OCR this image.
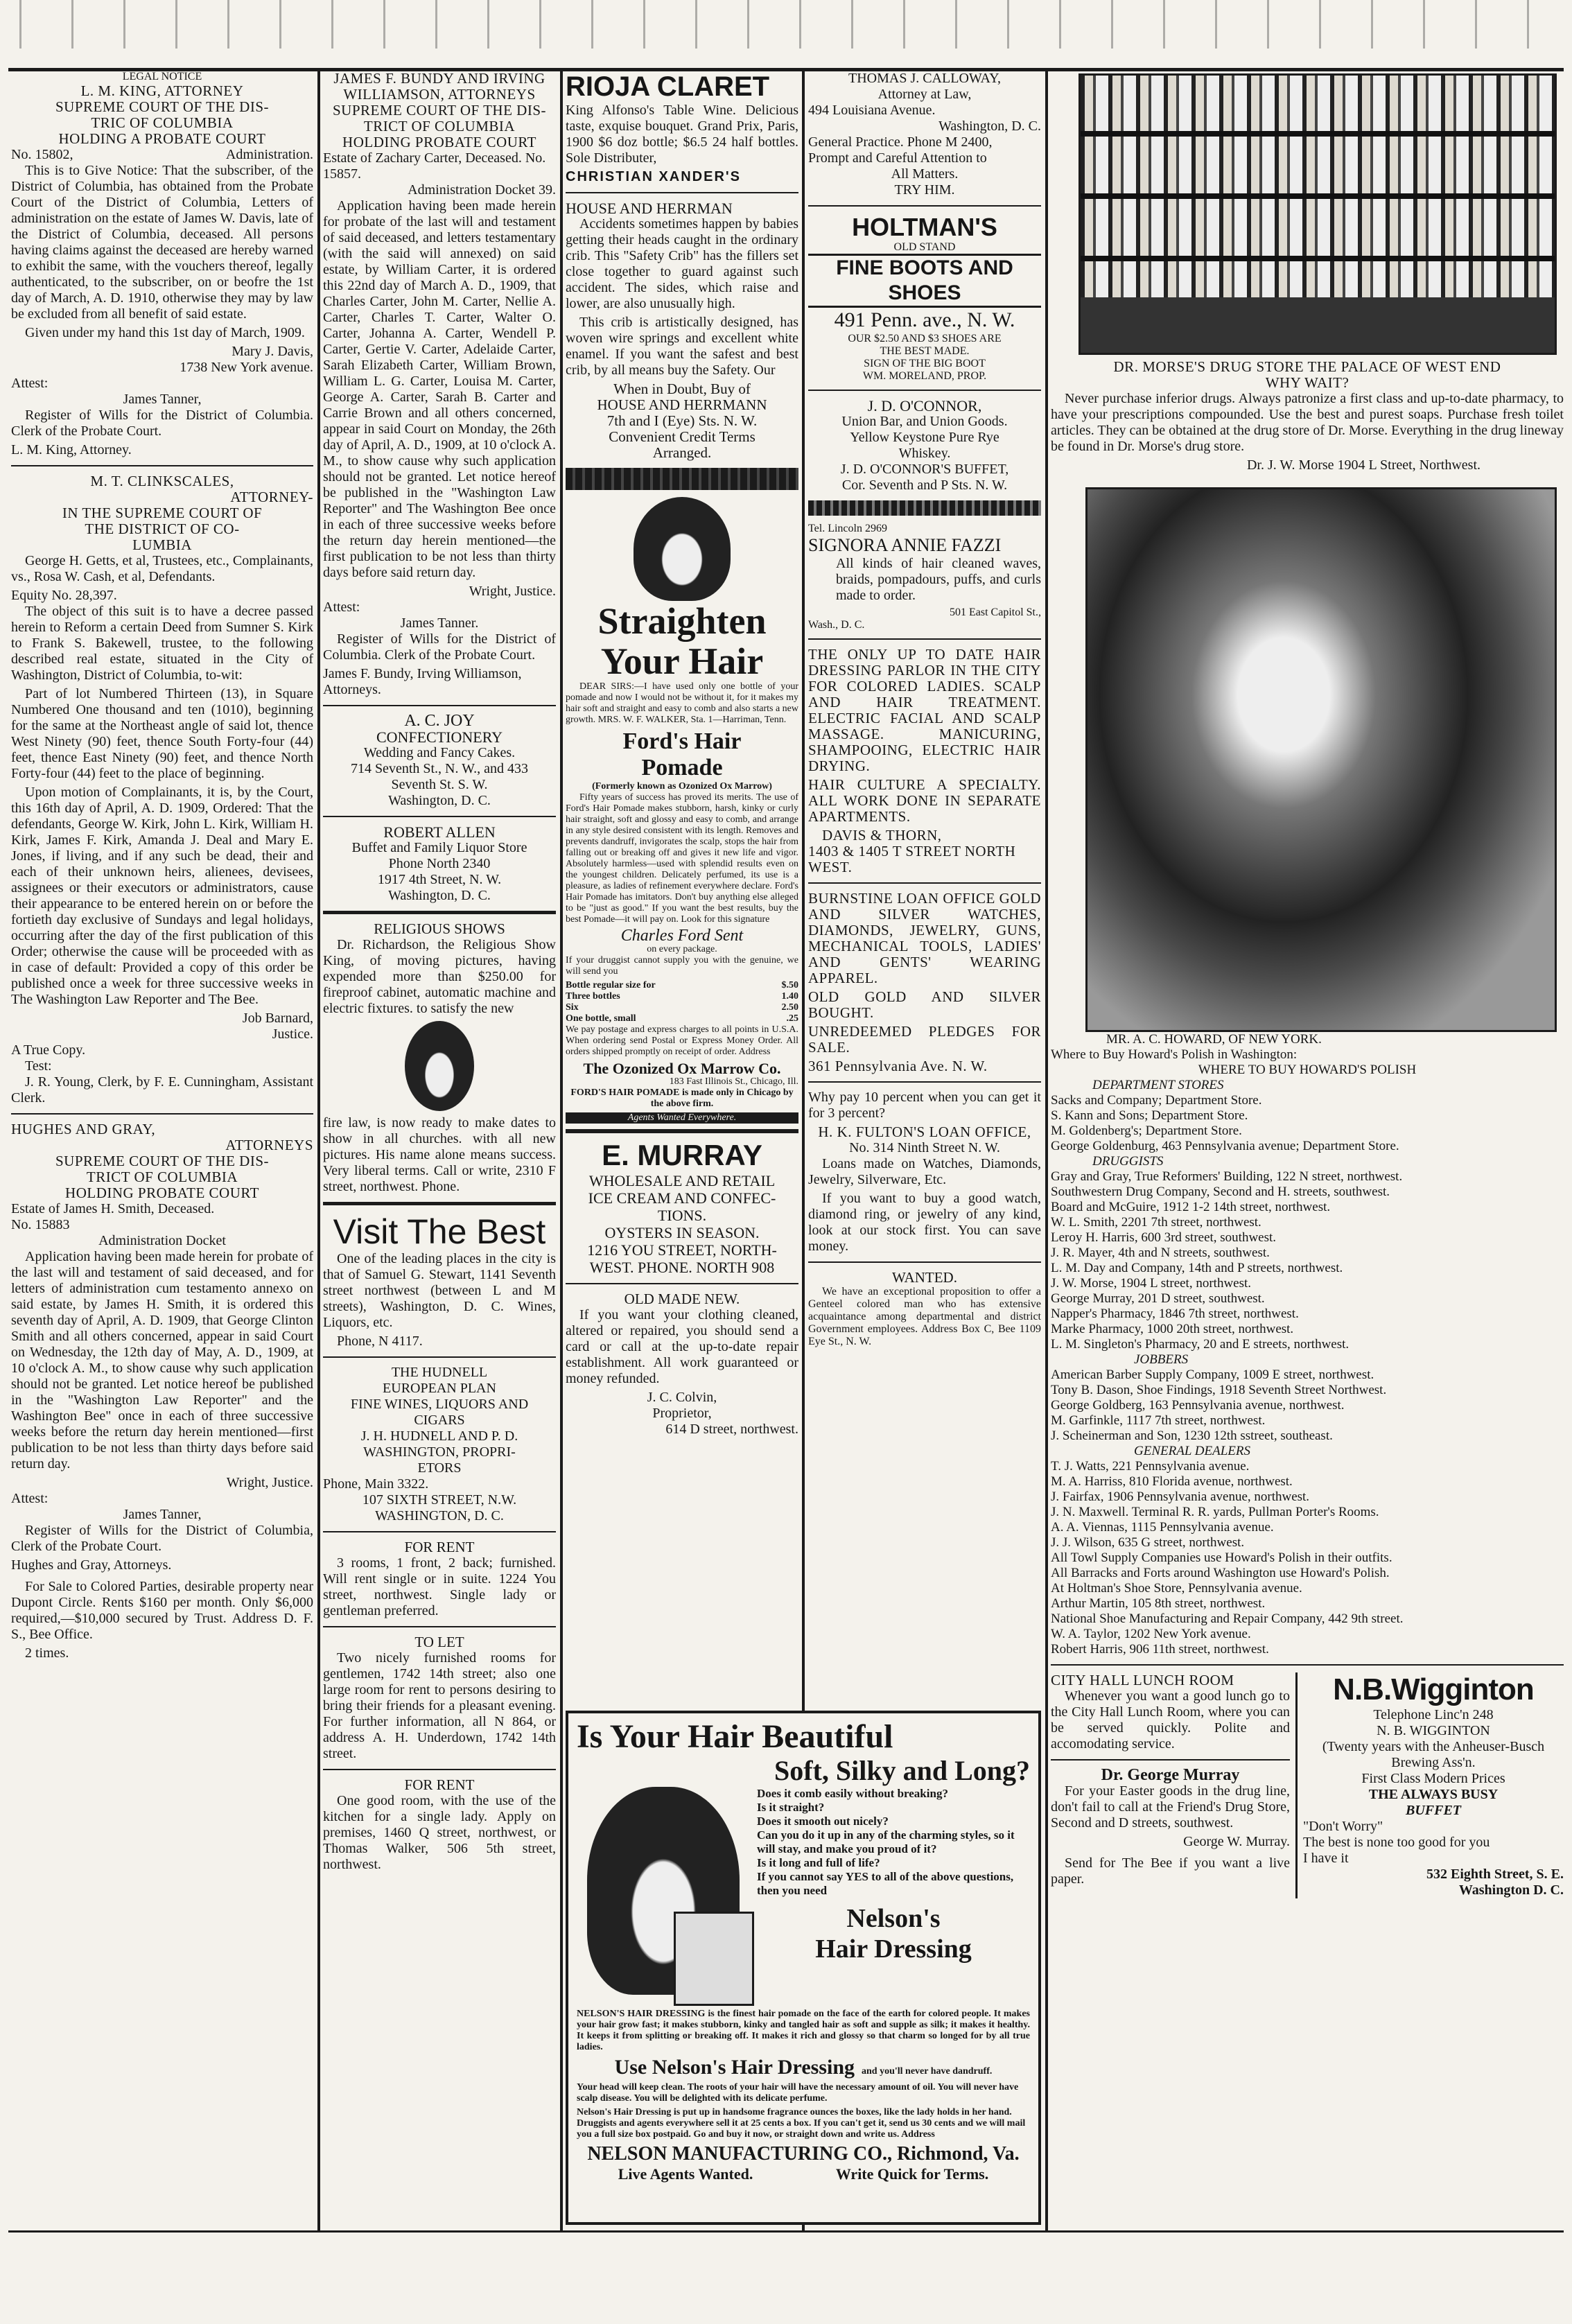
LEGAL NOTICE
L. M. KING, ATTORNEY
SUPREME COURT OF THE DIS-
TRIC OF COLUMBIA
HOLDING A PROBATE COURT
No. 15802,	Administration.

This is to Give Notice: That the subscriber, of the District of Columbia, has obtained from the Probate Court of the District of Columbia, Letters of administration on the estate of James W. Davis, late of the District of Columbia, deceased. All persons having claims against the deceased are hereby warned to exhibit the same, with the vouchers thereof, legally authenticated, to the subscriber, on or beofre the 1st day of March, A. D. 1910, otherwise they may by law be excluded from all benefit of said estate.

Given under my hand this 1st day of March, 1909.

Mary J. Davis,
1738 New York avenue.
Attest:
James Tanner,

Register of Wills for the District of Columbia. Clerk of the Probate Court.

L. M. King, Attorney.
M. T. CLINKSCALES,
ATTORNEY-
IN THE SUPREME COURT OF
THE DISTRICT OF CO-
LUMBIA

George H. Getts, et al, Trustees, etc., Complainants, vs., Rosa W. Cash, et al, Defendants.

Equity No. 28,397.

The object of this suit is to have a decree passed herein to Reform a certain Deed from Sumner S. Kirk to Frank S. Bakewell, trustee, to the following described real estate, situated in the City of Washington, District of Columbia, to-wit:

Part of lot Numbered Thirteen (13), in Square Numbered One thousand and ten (1010), beginning for the same at the Northeast angle of said lot, thence West Ninety (90) feet, thence South Forty-four (44) feet, thence East Ninety (90) feet, and thence North Forty-four (44) feet to the place of beginning.

Upon motion of Complainants, it is, by the Court, this 16th day of April, A. D. 1909, Ordered: That the defendants, George W. Kirk, John L. Kirk, William H. Kirk, James F. Kirk, Amanda J. Deal and Mary E. Jones, if living, and if any such be dead, their and each of their unknown heirs, alienees, devisees, assignees or their executors or administrators, cause their appearance to be entered herein on or before the fortieth day exclusive of Sundays and legal holidays, occurring after the day of the first publication of this Order; otherwise the cause will be proceeded with as in case of default: Provided a copy of this order be published once a week for three successive weeks in The Washington Law Reporter and The Bee.

Job Barnard,
Justice.
A True Copy.
Test:

J. R. Young, Clerk, by F. E. Cunningham, Assistant Clerk.

HUGHES AND GRAY,
ATTORNEYS
SUPREME COURT OF THE DIS-
TRICT OF COLUMBIA
HOLDING PROBATE COURT
Estate of James H. Smith, Deceased.
No. 15883
Administration Docket

Application having been made herein for probate of the last will and testament of said deceased, and for letters of administration cum testamento annexo on said estate, by James H. Smith, it is ordered this seventh day of April, A. D. 1909, that George Clinton Smith and all others concerned, appear in said Court on Wednesday, the 12th day of May, A. D., 1909, at 10 o'clock A. M., to show cause why such application should not be granted. Let notice hereof be published in the "Washington Law Reporter" and the Washington Bee" once in each of three successive weeks before the return day herein mentioned—first publication to be not less than thirty days before said return day.

Wright, Justice.
Attest:
James Tanner,

Register of Wills for the District of Columbia, Clerk of the Probate Court.

Hughes and Gray, Attorneys.

For Sale to Colored Parties, desirable property near Dupont Circle. Rents $160 per month. Only $6,000 required,—$10,000 secured by Trust. Address D. F. S., Bee Office.

2 times.
JAMES F. BUNDY AND IRVING
WILLIAMSON, ATTORNEYS
SUPREME COURT OF THE DIS-
TRICT OF COLUMBIA
HOLDING PROBATE COURT
Estate of Zachary Carter, Deceased. No. 15857.
Administration Docket 39.

Application having been made herein for probate of the last will and testament of said deceased, and letters testamentary (with the said will annexed) on said estate, by William Carter, it is ordered this 22nd day of March A. D., 1909, that Charles Carter, John M. Carter, Nellie A. Carter, Charles T. Carter, Walter O. Carter, Johanna A. Carter, Wendell P. Carter, Gertie V. Carter, Adelaide Carter, Sarah Elizabeth Carter, William Brown, William L. G. Carter, Louisa M. Carter, George A. Carter, Sarah B. Carter and Carrie Brown and all others concerned, appear in said Court on Monday, the 26th day of April, A. D., 1909, at 10 o'clock A. M., to show cause why such application should not be granted. Let notice hereof be published in the "Washington Law Reporter" and The Washington Bee once in each of three successive weeks before the return day herein mentioned—the first publication to be not less than thirty days before said return day.

Wright, Justice.
Attest:
James Tanner.

Register of Wills for the District of Columbia. Clerk of the Probate Court.

James F. Bundy, Irving Williamson, Attorneys.
A. C. JOY
CONFECTIONERY
Wedding and Fancy Cakes.
714 Seventh St., N. W., and 433
Seventh St. S. W.
Washington, D. C.
ROBERT ALLEN
Buffet and Family Liquor Store
Phone North 2340
1917 4th Street, N. W.
Washington, D. C.
RELIGIOUS SHOWS

Dr. Richardson, the Religious Show King, of moving pictures, having expended more than $250.00 for fireproof cabinet, automatic machine and electric fixtures. to satisfy the new

fire law, is now ready to make dates to show in all churches. with all new pictures. His name alone means success. Very liberal terms. Call or write, 2310 F street, northwest. Phone.

Visit The Best

One of the leading places in the city is that of Samuel G. Stewart, 1141 Seventh street northwest (between L and M streets), Washington, D. C. Wines, Liquors, etc.

Phone, N 4117.
THE HUDNELL
EUROPEAN PLAN
FINE WINES, LIQUORS AND
CIGARS
J. H. HUDNELL AND P. D.
WASHINGTON, PROPRI-
ETORS
Phone, Main 3322.
107 SIXTH STREET, N.W.
WASHINGTON, D. C.
FOR RENT

3 rooms, 1 front, 2 back; furnished. Will rent single or in suite. 1224 You street, northwest. Single lady or gentleman preferred.

TO LET

Two nicely furnished rooms for gentlemen, 1742 14th street; also one large room for rent to persons desiring to bring their friends for a pleasant evening. For further information, all N 864, or address A. H. Underdown, 1742 14th street.

FOR RENT

One good room, with the use of the kitchen for a single lady. Apply on premises, 1460 Q street, northwest, or Thomas Walker, 506 5th street, northwest.

RIOJA CLARET

King Alfonso's Table Wine. Delicious taste, exquise bouquet. Grand Prix, Paris, 1900 $6 doz bottle; $6.5 24 half bottles. Sole Distributer,

CHRISTIAN XANDER'S
HOUSE AND HERRMAN

Accidents sometimes happen by babies getting their heads caught in the ordinary crib. This "Safety Crib" has the fillers set close together to guard against such accident. The sides, which raise and lower, are also unusually high.

This crib is artistically designed, has woven wire springs and excellent white enamel. If you want the safest and best crib, by all means buy the Safety. Our

When in Doubt, Buy of
HOUSE AND HERRMANN
7th and I (Eye) Sts. N. W.
Convenient Credit Terms
Arranged.
Straighten
Your Hair

DEAR SIRS:—I have used only one bottle of your pomade and now I would not be without it, for it makes my hair soft and straight and easy to comb and also starts a new growth. MRS. W. F. WALKER, Sta. 1—Harriman, Tenn.

Ford's Hair
Pomade
(Formerly known as Ozonized Ox Marrow)

Fifty years of success has proved its merits. The use of Ford's Hair Pomade makes stubborn, harsh, kinky or curly hair straight, soft and glossy and easy to comb, and arrange in any style desired consistent with its length. Removes and prevents dandruff, invigorates the scalp, stops the hair from falling out or breaking off and gives it new life and vigor. Absolutely harmless—used with splendid results even on the youngest children. Delicately perfumed, its use is a pleasure, as ladies of refinement everywhere declare. Ford's Hair Pomade has imitators. Don't buy anything else alleged to be "just as good." If you want the best results, buy the best Pomade—it will pay on. Look for this signature

Charles Ford Sent
on every package.

If your druggist cannot supply you with the genuine, we will send you

Bottle regular size for	$.50
Three bottles	1.40
Six	2.50
One bottle, small	.25

We pay postage and express charges to all points in U.S.A. When ordering send Postal or Express Money Order. All orders shipped promptly on receipt of order. Address

The Ozonized Ox Marrow Co.
183 Fast Illinois St., Chicago, Ill.
FORD'S HAIR POMADE is made only in Chicago by the above firm.
Agents Wanted Everywhere.
E. MURRAY
WHOLESALE AND RETAIL
ICE CREAM AND CONFEC-
TIONS.
OYSTERS IN SEASON.
1216 YOU STREET, NORTH-
WEST. PHONE. NORTH 908
OLD MADE NEW.

If you want your clothing cleaned, altered or repaired, you should send a card or call at the up-to-date repair establishment. All work guaranteed or money refunded.

J. C. Colvin,
Proprietor,
614 D street, northwest.
Is Your Hair Beautiful
Soft, Silky and Long?
Does it comb easily without breaking?
Is it straight?
Does it smooth out nicely?
Can you do it up in any of the charming styles, so it will stay, and make you proud of it?
Is it long and full of life?
If you cannot say YES to all of the above questions, then you need
Nelson's
Hair Dressing

NELSON'S HAIR DRESSING is the finest hair pomade on the face of the earth for colored people. It makes your hair grow fast; it makes stubborn, kinky and tangled hair as soft and supple as silk; it makes it healthy. It keeps it from splitting or breaking off. It makes it rich and glossy so that charm so longed for by all true ladies.

Use Nelson's Hair Dressing and you'll never have dandruff.

Your head will keep clean. The roots of your hair will have the necessary amount of oil. You will never have scalp disease. You will be delighted with its delicate perfume.

Nelson's Hair Dressing is put up in handsome fragrance ounces the boxes, like the lady holds in her hand. Druggists and agents everywhere sell it at 25 cents a box. If you can't get it, send us 30 cents and we will mail you a full size box postpaid. Go and buy it now, or straight down and write us. Address

NELSON MANUFACTURING CO., Richmond, Va.
Live Agents Wanted.	Write Quick for Terms.
THOMAS J. CALLOWAY,
Attorney at Law,
494 Louisiana Avenue.
Washington, D. C.
General Practice. Phone M 2400,
Prompt and Careful Attention to
All Matters.
TRY HIM.
HOLTMAN'S
OLD STAND
FINE BOOTS AND SHOES
491 Penn. ave., N. W.
OUR $2.50 AND $3 SHOES ARE
THE BEST MADE.
SIGN OF THE BIG BOOT
WM. MORELAND, PROP.
J. D. O'CONNOR,
Union Bar, and Union Goods.
Yellow Keystone Pure Rye
Whiskey.
J. D. O'CONNOR'S BUFFET,
Cor. Seventh and P Sts. N. W.
Tel. Lincoln 2969
SIGNORA ANNIE FAZZI

All kinds of hair cleaned waves, braids, pompadours, puffs, and curls made to order.

501 East Capitol St.,
Wash., D. C.

THE ONLY UP TO DATE HAIR DRESSING PARLOR IN THE CITY FOR COLORED LADIES. SCALP AND HAIR TREATMENT. ELECTRIC FACIAL AND SCALP MASSAGE. MANICURING, SHAMPOOING, ELECTRIC HAIR DRYING.

HAIR CULTURE A SPECIALTY. ALL WORK DONE IN SEPARATE APARTMENTS.

DAVIS & THORN,
1403 & 1405 T STREET NORTH WEST.

BURNSTINE LOAN OFFICE GOLD AND SILVER WATCHES, DIAMONDS, JEWELRY, GUNS, MECHANICAL TOOLS, LADIES' AND GENTS' WEARING APPAREL.

OLD GOLD AND SILVER BOUGHT.

UNREDEEMED PLEDGES FOR SALE.

361 Pennsylvania Ave. N. W.

Why pay 10 percent when you can get it for 3 percent?

H. K. FULTON'S LOAN OFFICE,
No. 314 Ninth Street N. W.

Loans made on Watches, Diamonds, Jewelry, Silverware, Etc.

If you want to buy a good watch, diamond ring, or jewelry of any kind, look at our stock first. You can save money.

WANTED.

We have an exceptional proposition to offer a Genteel colored man who has extensive acquaintance among departmental and district Government employees. Address Box C, Bee 1109 Eye St., N. W.

DR. MORSE'S DRUG STORE THE PALACE OF WEST END
WHY WAIT?

Never purchase inferior drugs. Always patronize a first class and up-to-date pharmacy, to have your prescriptions compounded. Use the best and purest soaps. Purchase fresh toilet articles. They can be obtained at the drug store of Dr. Morse. Everything in the drug lineway be found in Dr. Morse's drug store.

Dr. J. W. Morse 1904 L Street, Northwest.
MR. A. C. HOWARD, OF NEW YORK.
Where to Buy Howard's Polish in Washington:
WHERE TO BUY HOWARD'S POLISH
DEPARTMENT STORES
Sacks and Company; Department Store.
S. Kann and Sons; Department Store.
M. Goldenberg's; Department Store.
George Goldenburg, 463 Pennsylvania avenue; Department Store.
DRUGGISTS
Gray and Gray, True Reformers' Building, 122 N street, northwest.
Southwestern Drug Company, Second and H. streets, southwest.
Board and McGuire, 1912 1-2 14th street, northwest.
W. L. Smith, 2201 7th street, northwest.
Leroy H. Harris, 600 3rd street, southwest.
J. R. Mayer, 4th and N streets, southwest.
L. M. Day and Company, 14th and P streets, northwest.
J. W. Morse, 1904 L street, northwest.
George Murray, 201 D street, southwest.
Napper's Pharmacy, 1846 7th street, northwest.
Marke Pharmacy, 1000 20th street, northwest.
L. M. Singleton's Pharmacy, 20 and E streets, northwest.
JOBBERS
American Barber Supply Company, 1009 E street, northwest.
Tony B. Dason, Shoe Findings, 1918 Seventh Street Northwest.
George Goldberg, 163 Pennsylvania avenue, northwest.
M. Garfinkle, 1117 7th street, northwest.
J. Scheinerman and Son, 1230 12th sstreet, southeast.
GENERAL DEALERS
T. J. Watts, 221 Pennsylvania avenue.
M. A. Harriss, 810 Florida avenue, northwest.
J. Fairfax, 1906 Pennsylvania avenue, northwest.
J. N. Maxwell. Terminal R. R. yards, Pullman Porter's Rooms.
A. A. Viennas, 1115 Pennsylvania avenue.
J. J. Wilson, 635 G street, northwest.
All Towl Supply Companies use Howard's Polish in their outfits.
All Barracks and Forts around Washington use Howard's Polish.
At Holtman's Shoe Store, Pennsylvania avenue.
Arthur Martin, 105 8th street, northwest.
National Shoe Manufacturing and Repair Company, 442 9th street.
W. A. Taylor, 1202 New York avenue.
Robert Harris, 906 11th street, northwest.
CITY HALL LUNCH ROOM

Whenever you want a good lunch go to the City Hall Lunch Room, where you can be served quickly. Polite and accomodating service.

Dr. George Murray

For your Easter goods in the drug line, don't fail to call at the Friend's Drug Store, Second and D streets, southwest.

George W. Murray.

Send for The Bee if you want a live paper.

N.B.Wigginton
Telephone Linc'n 248
N. B. WIGGINTON
(Twenty years with the Anheuser-Busch Brewing Ass'n.
First Class Modern Prices
THE ALWAYS BUSY
BUFFET
"Don't Worry"
The best is none too good for you
I have it
532 Eighth Street, S. E.
Washington D. C.
